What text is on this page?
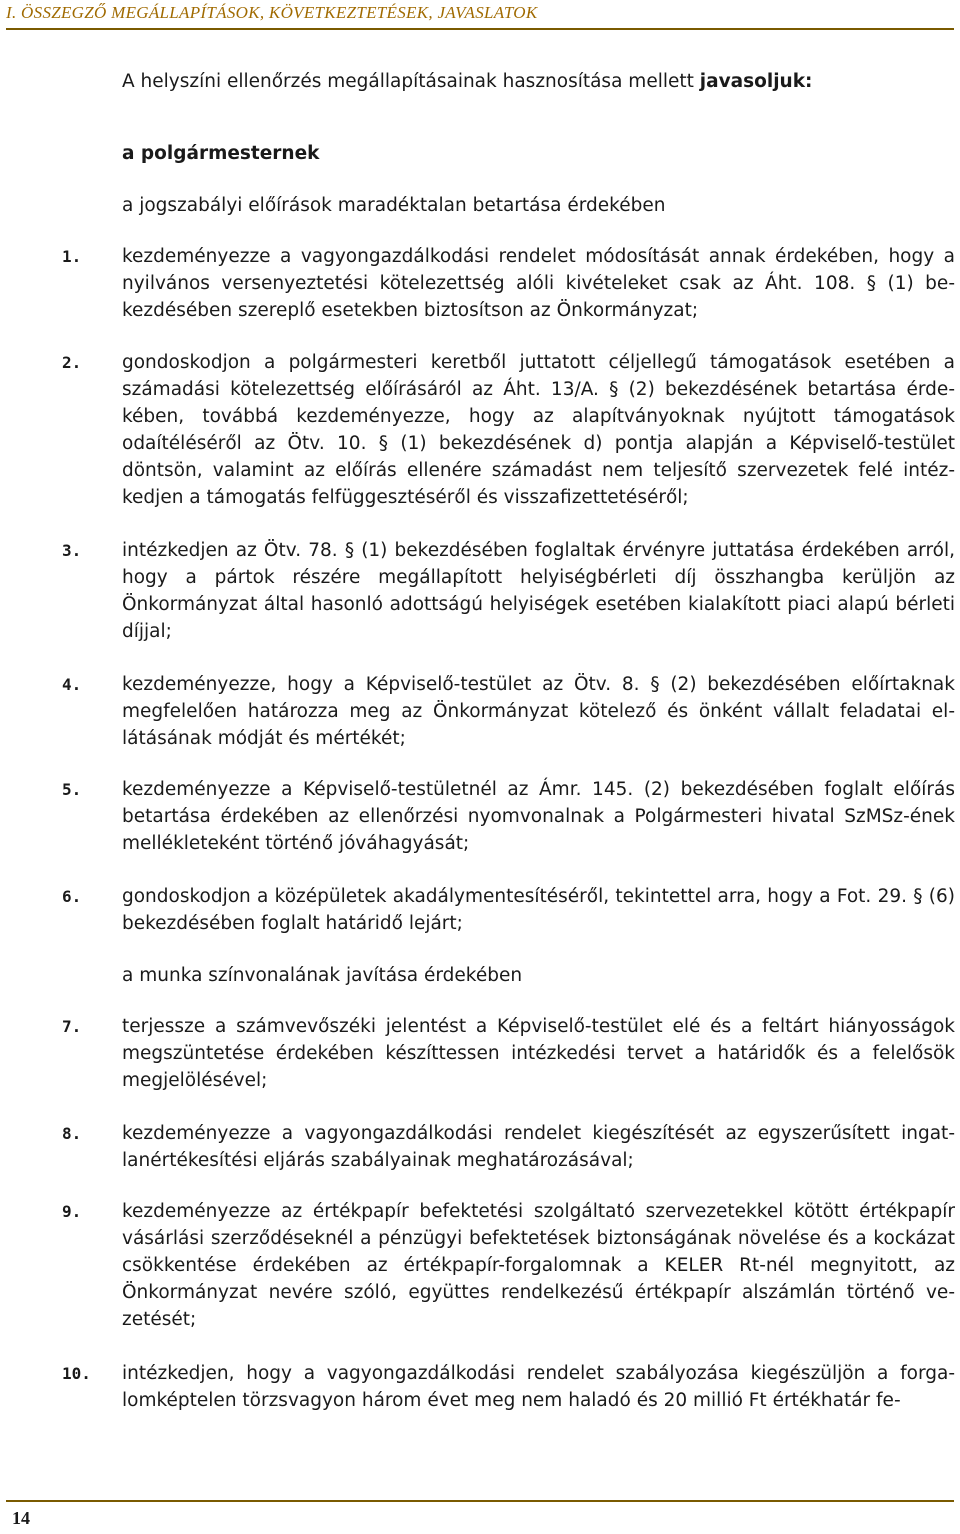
I. ÖSSZEGZŐ MEGÁLLAPÍTÁSOK, KÖVETKEZTETÉSEK, JAVASLATOK
A helyszíni ellenőrzés megállapításainak hasznosítása mellett javasoljuk:
a polgármesternek
a jogszabályi előírások maradéktalan betartása érdekében
1.	kezdeményezze a vagyongazdálkodási rendelet módosítását annak érdekében, hogy a nyilvános versenyeztetési kötelezettség alóli kivételeket csak az Áht. 108. § (1) bekezdésében szereplő esetekben biztosítson az Önkormányzat;
2.	gondoskodjon a polgármesteri keretből juttatott céljellegű támogatások esetében a számadási kötelezettség előírásáról az Áht. 13/A. § (2) bekezdésének betartása érdekében, továbbá kezdeményezze, hogy az alapítványoknak nyújtott támogatások odaítéléséről az Ötv. 10. § (1) bekezdésének d) pontja alapján a Képviselő-testület döntsön, valamint az előírás ellenére számadást nem teljesítő szervezetek felé intézkedjen a támogatás felfüggesztéséről és visszafizettetéséről;
3.	intézkedjen az Ötv. 78. § (1) bekezdésében foglaltak érvényre juttatása érdekében arról, hogy a pártok részére megállapított helyiségbérleti díj összhangba kerüljön az Önkormányzat által hasonló adottságú helyiségek esetében kialakított piaci alapú bérleti díjjal;
4.	kezdeményezze, hogy a Képviselő-testület az Ötv. 8. § (2) bekezdésében előírtaknak megfelelően határozza meg az Önkormányzat kötelező és önként vállalt feladatai ellátásának módját és mértékét;
5.	kezdeményezze a Képviselő-testületnél az Ámr. 145. (2) bekezdésében foglalt előírás betartása érdekében az ellenőrzési nyomvonalnak a Polgármesteri hivatal SzMSz-ének mellékleteként történő jóváhagyását;
6.	gondoskodjon a középületek akadálymentesítéséről, tekintettel arra, hogy a Fot. 29. § (6) bekezdésében foglalt határidő lejárt;
a munka színvonalának javítása érdekében
7.	terjessze a számvevőszéki jelentést a Képviselő-testület elé és a feltárt hiányosságok megszüntetése érdekében készíttessen intézkedési tervet a határidők és a felelősök megjelölésével;
8.	kezdeményezze a vagyongazdálkodási rendelet kiegészítését az egyszerűsített ingatlanértékesítési eljárás szabályainak meghatározásával;
9.	kezdeményezze az értékpapír befektetési szolgáltató szervezetekkel kötött értékpapír vásárlási szerződéseknél a pénzügyi befektetések biztonságának növelése és a kockázat csökkentése érdekében az értékpapír-forgalomnak a KELER Rt-nél megnyitott, az Önkormányzat nevére szóló, együttes rendelkezésű értékpapír alszámlán történő vezetését;
10.	intézkedjen, hogy a vagyongazdálkodási rendelet szabályozása kiegészüljön a forgalomképtelen törzsvagyon három évet meg nem haladó és 20 millió Ft értékhatár fe-
14
